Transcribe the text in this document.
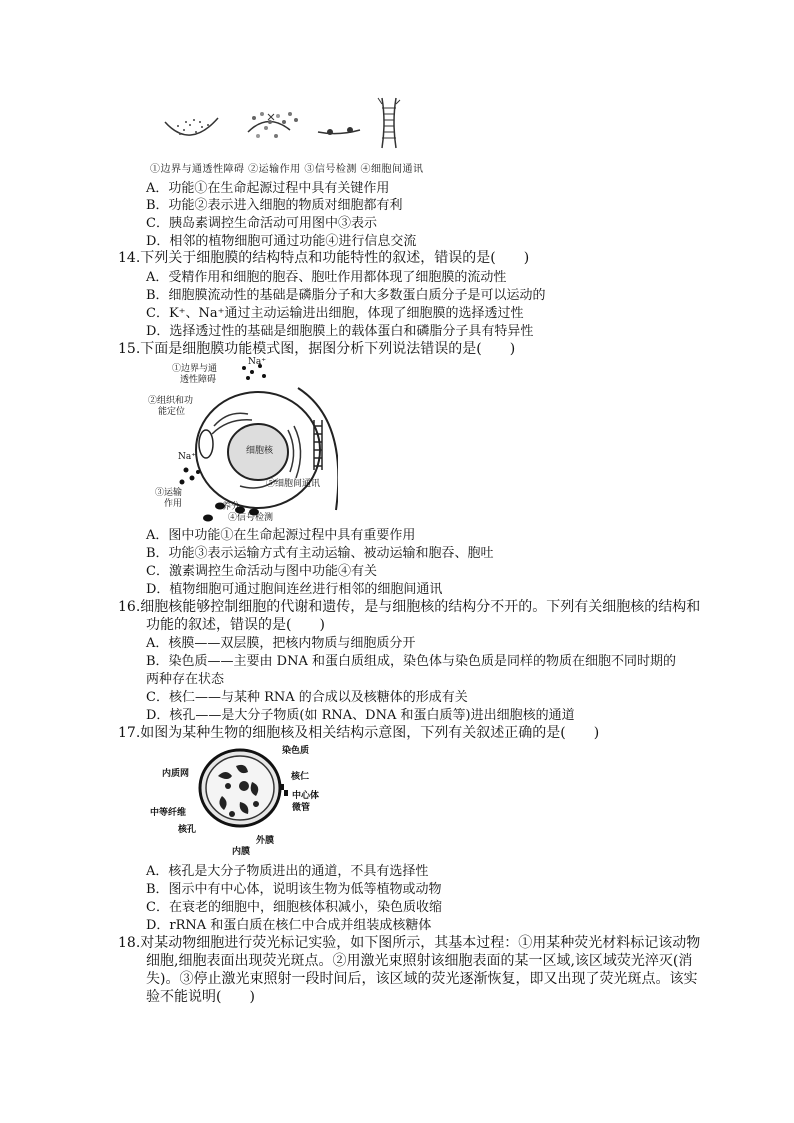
①边界与通透性障碍 ②运输作用 ③信号检测 ④细胞间通讯
A．功能①在生命起源过程中具有关键作用
B．功能②表示进入细胞的物质对细胞都有利
C．胰岛素调控生命活动可用图中③表示
D．相邻的植物细胞可通过功能④进行信息交流
14.下列关于细胞膜的结构特点和功能特性的叙述，错误的是(　　)
A．受精作用和细胞的胞吞、胞吐作用都体现了细胞膜的流动性
B．细胞膜流动性的基础是磷脂分子和大多数蛋白质分子是可以运动的
C．K⁺、Na⁺通过主动运输进出细胞，体现了细胞膜的选择透过性
D．选择透过性的基础是细胞膜上的载体蛋白和磷脂分子具有特异性
15.下面是细胞膜功能模式图，据图分析下列说法错误的是(　　)
①边界与通
透性障碍
Na⁺
②组织和功
能定位
细胞核
Na⁺
⑤细胞间通讯
③运输
作用	养分
④信号检测
A．图中功能①在生命起源过程中具有重要作用
B．功能③表示运输方式有主动运输、被动运输和胞吞、胞吐
C．激素调控生命活动与图中功能④有关
D．植物细胞可通过胞间连丝进行相邻的细胞间通讯
16.细胞核能够控制细胞的代谢和遗传，是与细胞核的结构分不开的。下列有关细胞核的结构和
功能的叙述，错误的是(　　)
A．核膜——双层膜，把核内物质与细胞质分开
B．染色质——主要由 DNA 和蛋白质组成，染色体与染色质是同样的物质在细胞不同时期的
两种存在状态
C．核仁——与某种 RNA 的合成以及核糖体的形成有关
D．核孔——是大分子物质(如 RNA、DNA 和蛋白质等)进出细胞核的通道
17.如图为某种生物的细胞核及相关结构示意图，下列有关叙述正确的是(　　)
染色质
内质网	核仁
中心体
微管
中等纤维
核孔
外膜
内膜
A．核孔是大分子物质进出的通道，不具有选择性
B．图示中有中心体，说明该生物为低等植物或动物
C．在衰老的细胞中，细胞核体积减小，染色质收缩
D．rRNA 和蛋白质在核仁中合成并组装成核糖体
18.对某动物细胞进行荧光标记实验，如下图所示，其基本过程：①用某种荧光材料标记该动物
细胞,细胞表面出现荧光斑点。②用激光束照射该细胞表面的某一区域,该区域荧光淬灭(消
失)。③停止激光束照射一段时间后，该区域的荧光逐渐恢复，即又出现了荧光斑点。该实
验不能说明(　　)
